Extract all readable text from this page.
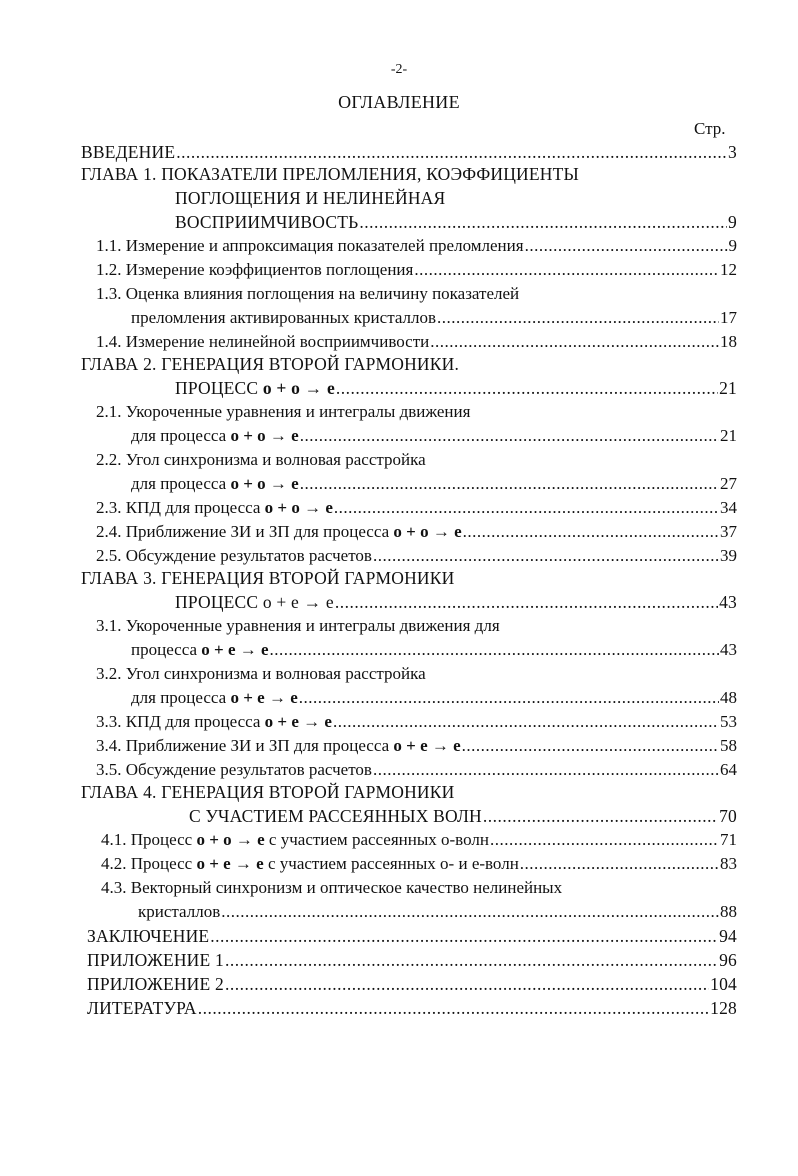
-2-
ОГЛАВЛЕНИЕ
Стр.
ВВЕДЕНИЕ .....	3
ГЛАВА 1. ПОКАЗАТЕЛИ ПРЕЛОМЛЕНИЯ, КОЭФФИЦИЕНТЫ
ПОГЛОЩЕНИЯ И НЕЛИНЕЙНАЯ
ВОСПРИИМЧИВОСТЬ .....	9
1.1. Измерение и аппроксимация показателей преломления .....	9
1.2. Измерение коэффициентов поглощения .....	12
1.3. Оценка влияния поглощения на величину показателей
преломления активированных кристаллов .....	17
1.4. Измерение нелинейной восприимчивости .....	18
ГЛАВА 2. ГЕНЕРАЦИЯ ВТОРОЙ ГАРМОНИКИ.
ПРОЦЕСС o + o → e .....	21
2.1. Укороченные уравнения и интегралы движения
для процесса o + o → e .....	21
2.2. Угол синхронизма и волновая расстройка
для процесса o + o → e .....	27
2.3. КПД для процесса o + o → e .....	34
2.4. Приближение ЗИ и ЗП для процесса o + o → e .....	37
2.5. Обсуждение результатов расчетов .....	39
ГЛАВА 3. ГЕНЕРАЦИЯ ВТОРОЙ ГАРМОНИКИ
ПРОЦЕСС o + e → e .....	43
3.1. Укороченные уравнения и интегралы движения для
процесса o + e → e .....	43
3.2. Угол синхронизма и волновая расстройка
для процесса o + e → e .....	48
3.3. КПД для процесса o + e → e .....	53
3.4. Приближение ЗИ и ЗП для процесса o + e → e .....	58
3.5. Обсуждение результатов расчетов .....	64
ГЛАВА 4. ГЕНЕРАЦИЯ ВТОРОЙ ГАРМОНИКИ
С УЧАСТИЕМ РАССЕЯННЫХ ВОЛН .....	70
4.1. Процесс o + o → e с участием рассеянных о-волн .....	71
4.2. Процесс o + e → e с участием рассеянных о- и е-волн .....	83
4.3. Векторный синхронизм и оптическое качество нелинейных
кристаллов .....	88
ЗАКЛЮЧЕНИЕ .....	94
ПРИЛОЖЕНИЕ 1 .....	96
ПРИЛОЖЕНИЕ 2 .....	104
ЛИТЕРАТУРА .....	128
